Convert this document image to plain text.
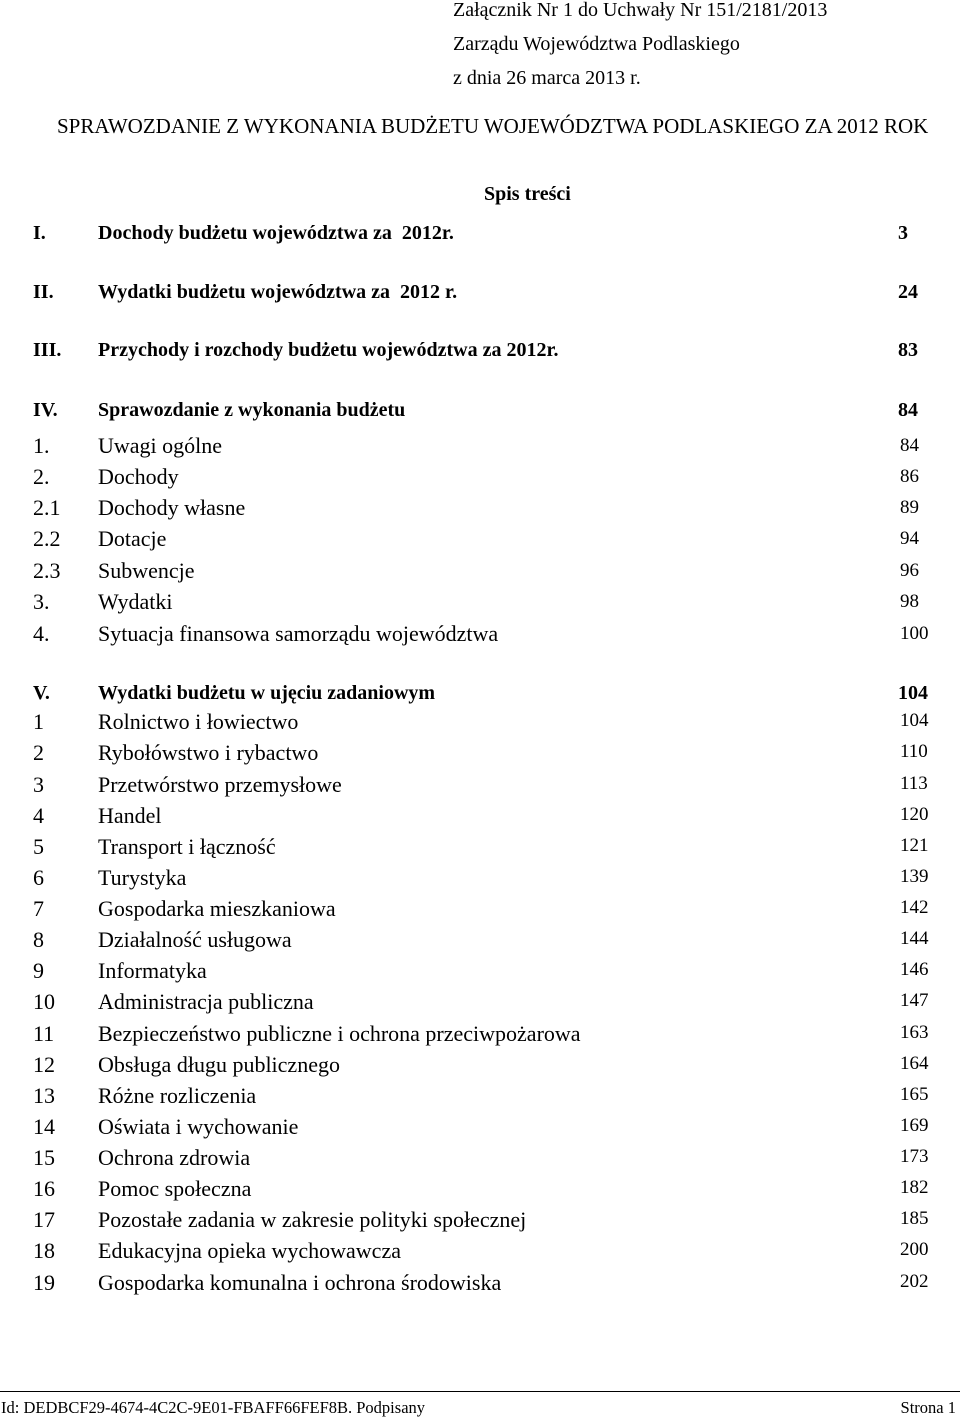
Załącznik Nr 1 do Uchwały Nr 151/2181/2013
Zarządu Województwa Podlaskiego
z dnia 26 marca 2013 r.
SPRAWOZDANIE Z WYKONANIA BUDŻETU WOJEWÓDZTWA PODLASKIEGO ZA 2012 ROK
Spis treści
I.	Dochody budżetu województwa za  2012r.	3
II. Wydatki budżetu województwa za  2012 r.	24
III. Przychody i rozchody budżetu województwa za 2012r.	83
IV. Sprawozdanie z wykonania budżetu	84
1. Uwagi ogólne	84
2. Dochody	86
2.1 Dochody własne	89
2.2 Dotacje	94
2.3 Subwencje	96
3. Wydatki	98
4. Sytuacja finansowa samorządu województwa	100
V. Wydatki budżetu w ujęciu zadaniowym	104
1 Rolnictwo i łowiectwo	104
2 Rybołówstwo i rybactwo	110
3 Przetwórstwo przemysłowe	113
4 Handel	120
5 Transport i łączność	121
6 Turystyka	139
7 Gospodarka mieszkaniowa	142
8 Działalność usługowa	144
9 Informatyka	146
10 Administracja publiczna	147
11 Bezpieczeństwo publiczne i ochrona przeciwpożarowa	163
12 Obsługa długu publicznego	164
13 Różne rozliczenia	165
14 Oświata i wychowanie	169
15 Ochrona zdrowia	173
16 Pomoc społeczna	182
17 Pozostałe zadania w zakresie polityki społecznej	185
18 Edukacyjna opieka wychowawcza	200
19 Gospodarka komunalna i ochrona środowiska	202
Id: DEDBCF29-4674-4C2C-9E01-FBAFF66FEF8B. Podpisany	Strona 1
